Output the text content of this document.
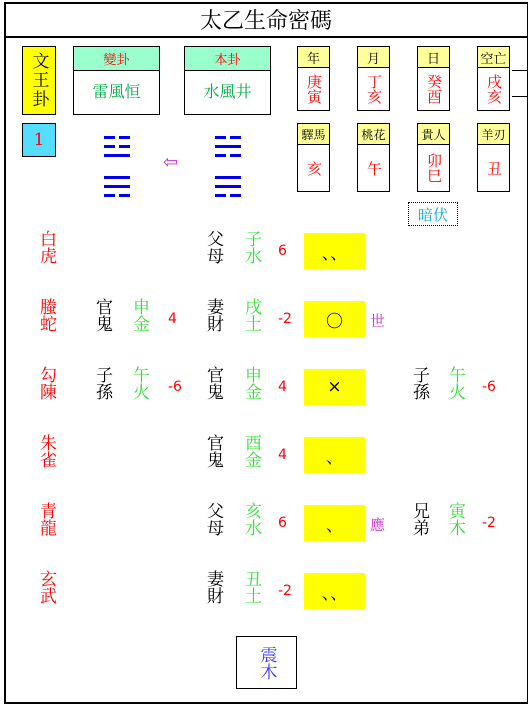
太乙生命密碼
文王卦
1
變卦
雷風恒
本卦
水風井
年
庚寅
月
丁亥
日
癸酉
空亡
戌亥
驛馬
亥
桃花
午
貴人
卯巳
羊刃
丑
⇦
暗伏
白虎	父母 子水 6	、、
螣蛇 官鬼 申金 4 妻財 戌土 -2	〇	世
勾陳 子孫 午火 -6 官鬼 申金 4	×	子孫 午火 -6
朱雀	官鬼 酉金 4	、
青龍	父母 亥水 6	、	應 兄弟 寅木 -2
玄武	妻財 丑土 -2	、、
震木
